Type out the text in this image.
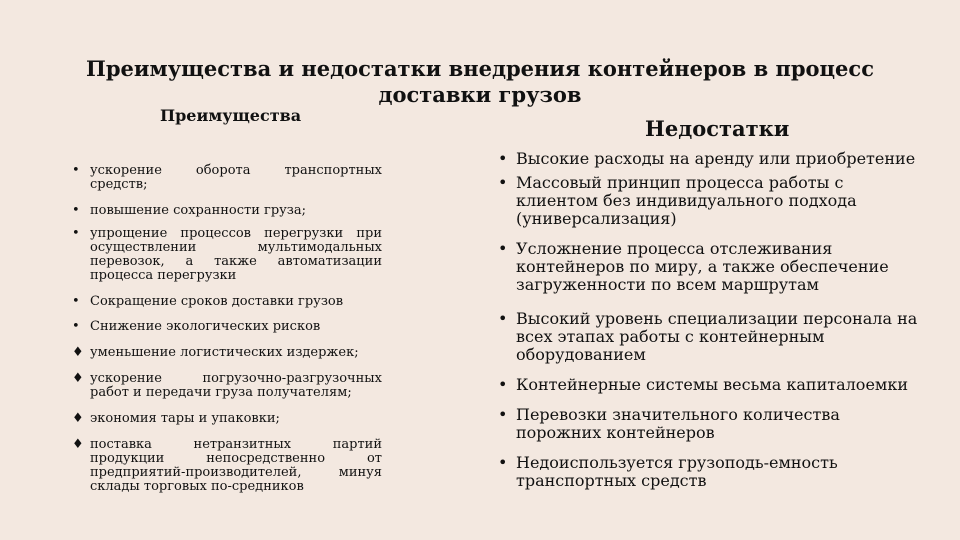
Преимущества и недостатки внедрения контейнеров в процесс доставки грузов
Преимущества
Недостатки
• ускорение оборота транспортных средств;
• повышение сохранности груза;
• упрощение процессов перегрузки при осуществлении мультимодальных перевозок, а также автоматизации процесса перегрузки
• Сокращение сроков доставки грузов
• Снижение экологических рисков
♦ уменьшение логистических издержек;
♦ ускорение погрузочно-разгрузочных работ и передачи груза получателям;
♦ экономия тары и упаковки;
♦ поставка нетранзитных партий продукции непосредственно от предприятий-производителей, минуя склады торговых по-средников
• Высокие расходы на аренду или приобретение
• Массовый принцип процесса работы с клиентом без индивидуального подхода (универсализация)
• Усложнение процесса отслеживания контейнеров по миру, а также обеспечение загруженности по всем маршрутам
• Высокий уровень специализации персонала на всех этапах работы с контейнерным оборудованием
• Контейнерные системы весьма капиталоемки
• Перевозки значительного количества порожних контейнеров
• Недоиспользуется грузоподь-емность транспортных средств
